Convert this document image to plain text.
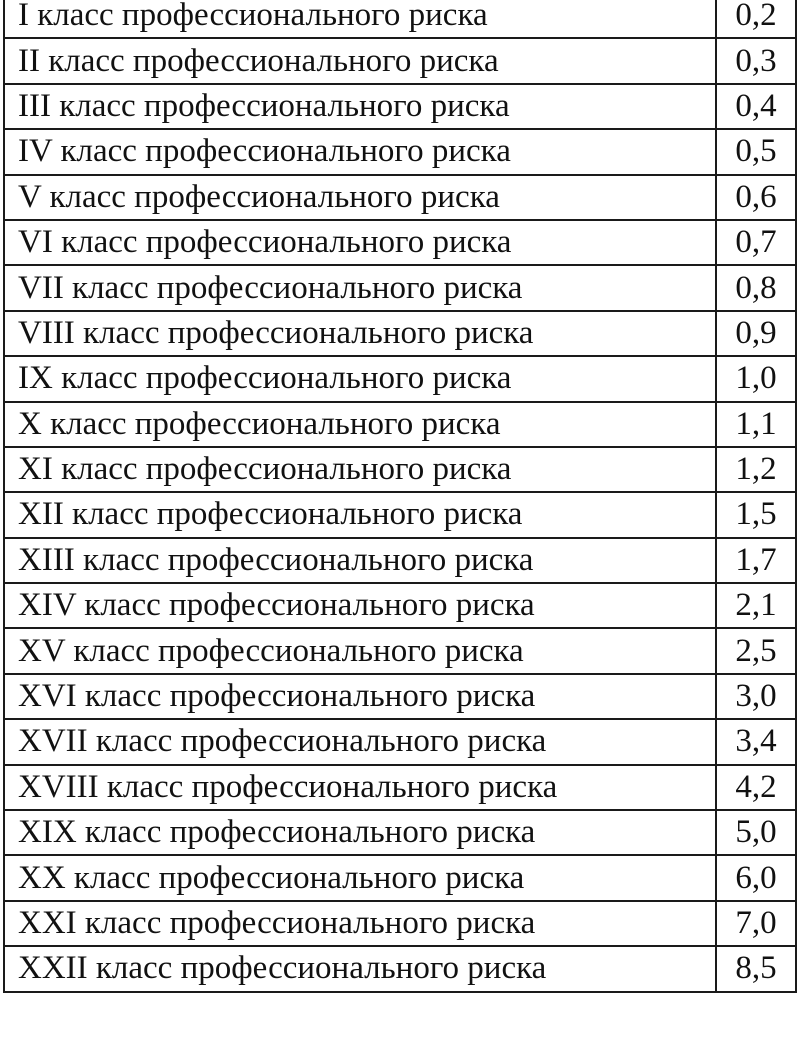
I класс профессионального риска	0,2
II класс профессионального риска	0,3
III класс профессионального риска	0,4
IV класс профессионального риска	0,5
V класс профессионального риска	0,6
VI класс профессионального риска	0,7
VII класс профессионального риска	0,8
VIII класс профессионального риска	0,9
IX класс профессионального риска	1,0
X класс профессионального риска	1,1
XI класс профессионального риска	1,2
XII класс профессионального риска	1,5
XIII класс профессионального риска	1,7
XIV класс профессионального риска	2,1
XV класс профессионального риска	2,5
XVI класс профессионального риска	3,0
XVII класс профессионального риска	3,4
XVIII класс профессионального риска	4,2
XIX класс профессионального риска	5,0
XX класс профессионального риска	6,0
XXI класс профессионального риска	7,0
XXII класс профессионального риска	8,5
